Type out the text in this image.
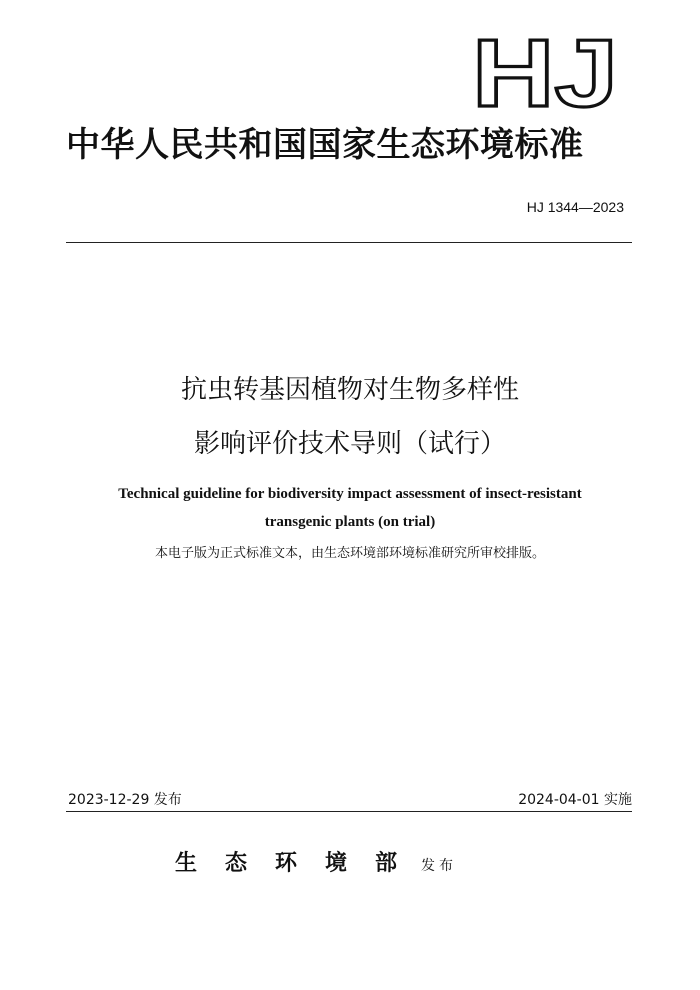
HJ
中华人民共和国国家生态环境标准
HJ 1344—2023
抗虫转基因植物对生物多样性
影响评价技术导则（试行）
Technical guideline for biodiversity impact assessment of insect-resistant
transgenic plants (on trial)
本电子版为正式标准文本，由生态环境部环境标准研究所审校排版。
2023-12-29 发布	2024-04-01 实施
生态环境部发布
